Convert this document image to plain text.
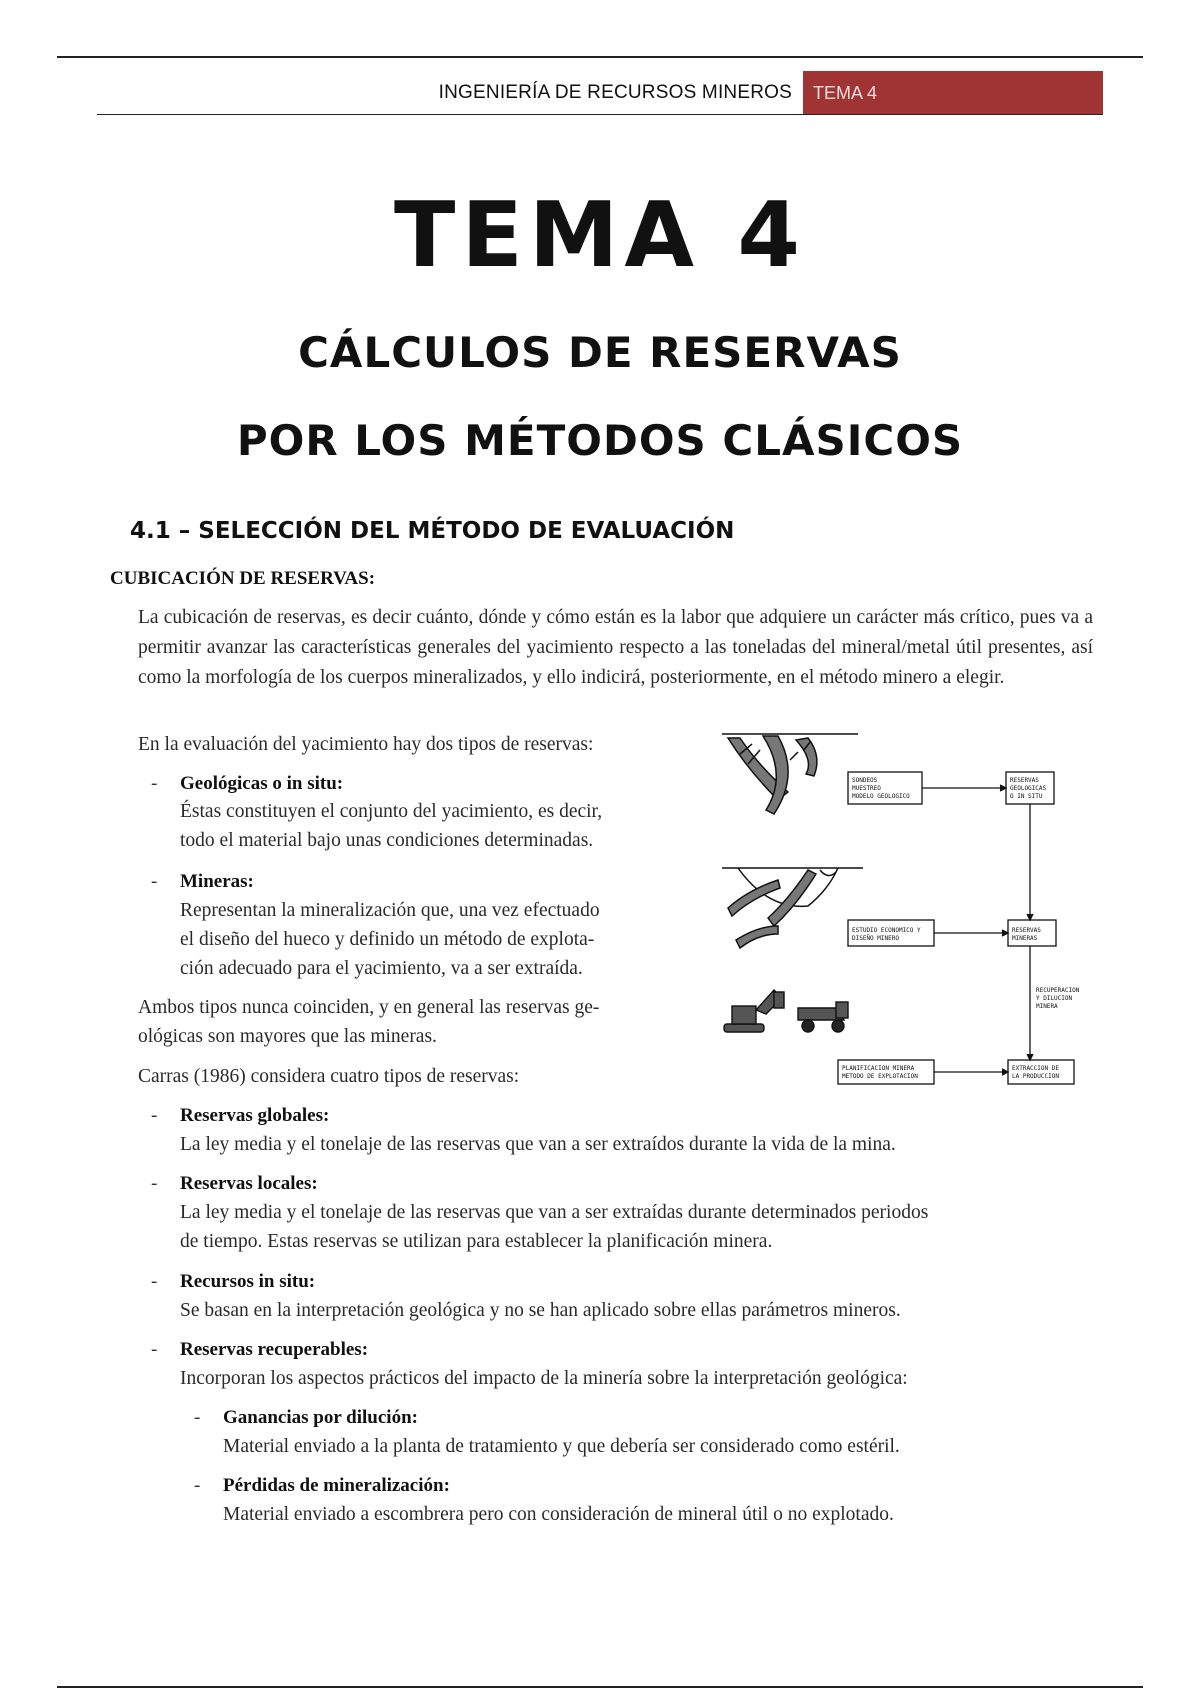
INGENIERÍA DE RECURSOS MINEROS	TEMA 4
TEMA 4
CÁLCULOS DE RESERVAS
POR LOS MÉTODOS CLÁSICOS
4.1 – SELECCIÓN DEL MÉTODO DE EVALUACIÓN
CUBICACIÓN DE RESERVAS:
La cubicación de reservas, es decir cuánto, dónde y cómo están es la labor que adquiere un carácter más crítico, pues va a permitir avanzar las características generales del yacimiento respecto a las toneladas del mineral/metal útil presentes, así como la morfología de los cuerpos mineralizados, y ello indicirá, posteriormente, en el método minero a elegir.
En la evaluación del yacimiento hay dos tipos de reservas:
- Geológicas o in situ:
Éstas constituyen el conjunto del yacimiento, es decir,
todo el material bajo unas condiciones determinadas.
- Mineras:
Representan la mineralización que, una vez efectuado
el diseño del hueco y definido un método de explota-
ción adecuado para el yacimiento, va a ser extraída.
Ambos tipos nunca coinciden, y en general las reservas ge-
ológicas son mayores que las mineras.
Carras (1986) considera cuatro tipos de reservas:
- Reservas globales:
La ley media y el tonelaje de las reservas que van a ser extraídos durante la vida de la mina.
- Reservas locales:
La ley media y el tonelaje de las reservas que van a ser extraídas durante determinados periodos
de tiempo. Estas reservas se utilizan para establecer la planificación minera.
- Recursos in situ:
Se basan en la interpretación geológica y no se han aplicado sobre ellas parámetros mineros.
- Reservas recuperables:
Incorporan los aspectos prácticos del impacto de la minería sobre la interpretación geológica:
- Ganancias por dilución:
Material enviado a la planta de tratamiento y que debería ser considerado como estéril.
- Pérdidas de mineralización:
Material enviado a escombrera pero con consideración de mineral útil o no explotado.
SONDEOS
MUESTREO
MODELO GEOLOGICO
RESERVAS
GEOLOGICAS
O IN SITU
ESTUDIO ECONOMICO Y
DISEÑO MINERO
RESERVAS
MINERAS
RECUPERACION
Y DILUCION
MINERA
PLANIFICACION MINERA
METODO DE EXPLOTACION
EXTRACCION DE
LA PRODUCCION
